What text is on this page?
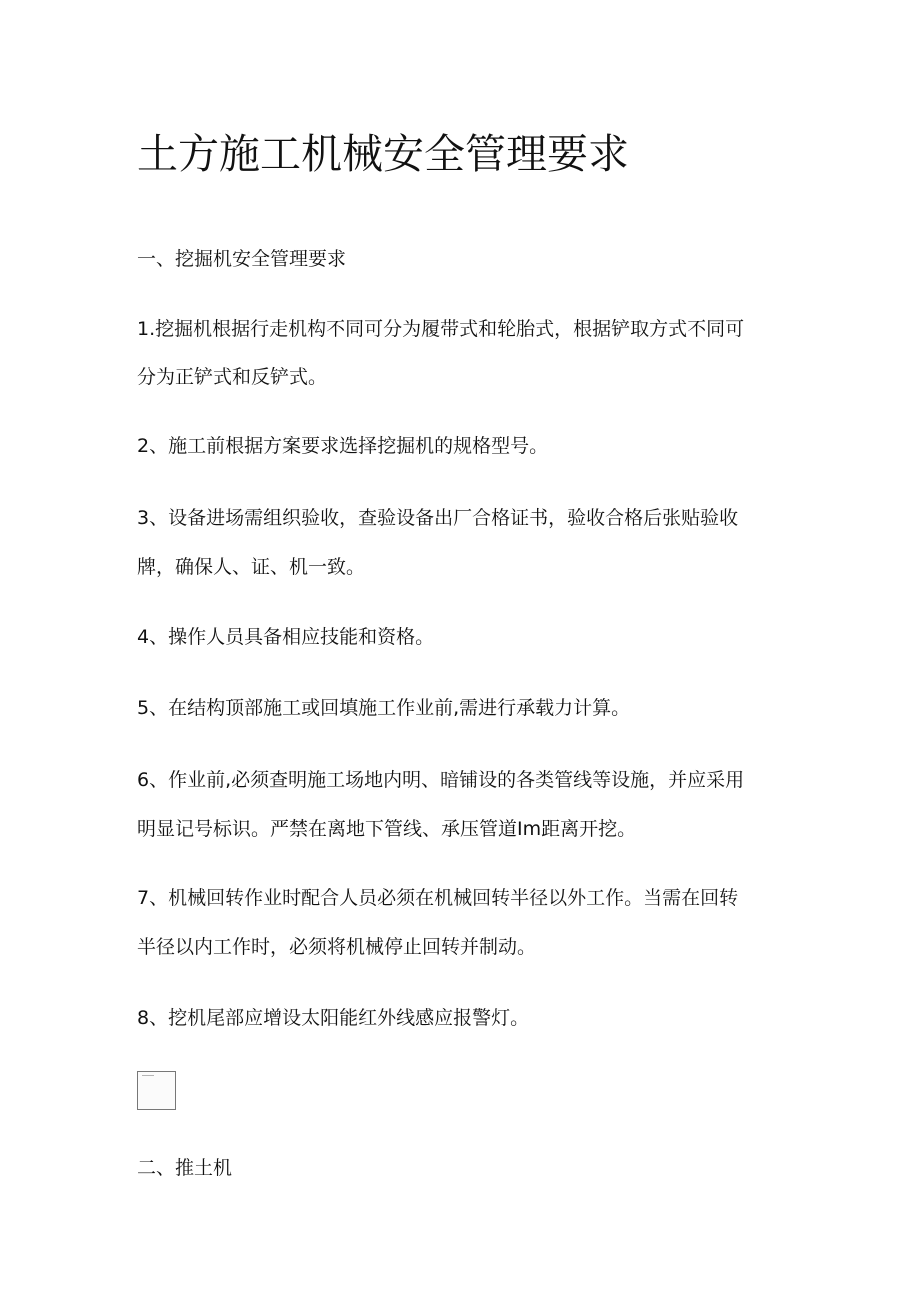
土方施工机械安全管理要求
一、挖掘机安全管理要求
1.挖掘机根据行走机构不同可分为履带式和轮胎式，根据铲取方式不同可
分为正铲式和反铲式。
2、施工前根据方案要求选择挖掘机的规格型号。
3、设备进场需组织验收，查验设备出厂合格证书，验收合格后张贴验收
牌，确保人、证、机一致。
4、操作人员具备相应技能和资格。
5、在结构顶部施工或回填施工作业前,需进行承载力计算。
6、作业前,必须查明施工场地内明、暗铺设的各类管线等设施，并应采用
明显记号标识。严禁在离地下管线、承压管道Im距离开挖。
7、机械回转作业时配合人员必须在机械回转半径以外工作。当需在回转
半径以内工作时，必须将机械停止回转并制动。
8、挖机尾部应增设太阳能红外线感应报警灯。
二、推土机
